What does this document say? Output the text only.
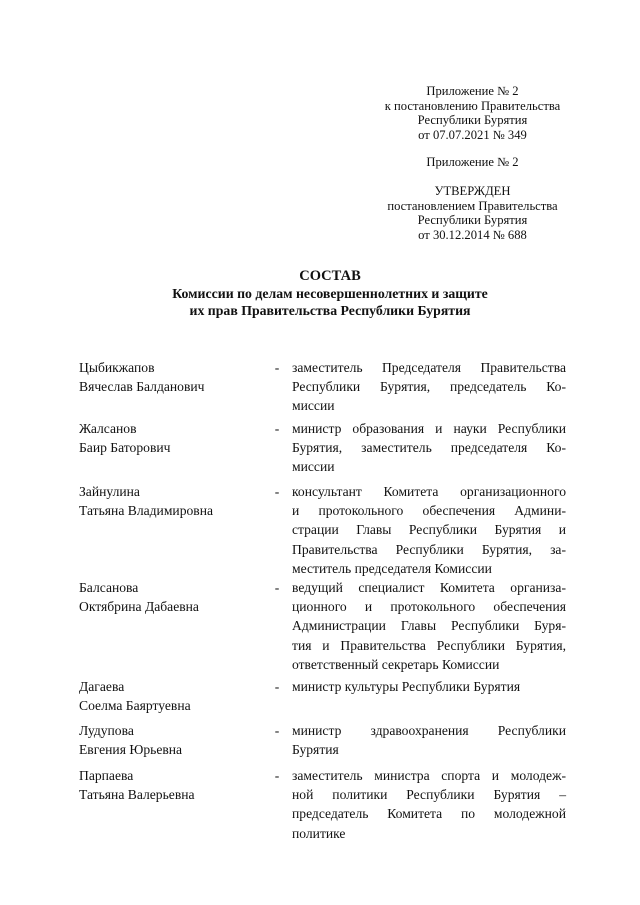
Приложение № 2
к постановлению Правительства
Республики Бурятия
от 07.07.2021 № 349
Приложение № 2
УТВЕРЖДЕН
постановлением Правительства
Республики Бурятия
от 30.12.2014 № 688
СОСТАВ
Комиссии по делам несовершеннолетних и защите
их прав Правительства Республики Бурятия
Цыбикжапов
Вячеслав Балданович
- заместитель Председателя Правительства
Республики Бурятия, председатель Ко-
миссии
Жалсанов
Баир Баторович
- министр образования и науки Республики
Бурятия, заместитель председателя Ко-
миссии
Зайнулина
Татьяна Владимировна
- консультант Комитета организационного
и протокольного обеспечения Админи-
страции Главы Республики Бурятия и
Правительства Республики Бурятия, за-
меститель председателя Комиссии
Балсанова
Октябрина Дабаевна
- ведущий специалист Комитета организа-
ционного и протокольного обеспечения
Администрации Главы Республики Буря-
тия и Правительства Республики Бурятия,
ответственный секретарь Комиссии
Дагаева
Соелма Баяртуевна
- министр культуры Республики Бурятия
Лудупова
Евгения Юрьевна
- министр здравоохранения Республики
Бурятия
Парпаева
Татьяна Валерьевна
- заместитель министра спорта и молодеж-
ной политики Республики Бурятия –
председатель Комитета по молодежной
политике
